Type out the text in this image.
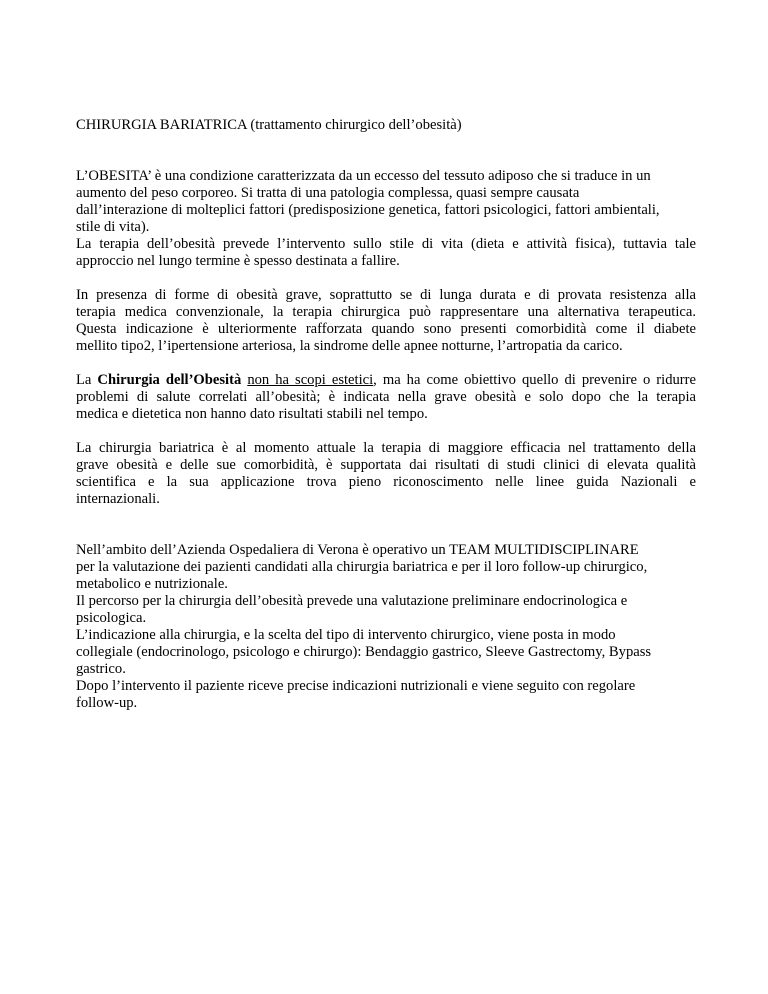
CHIRURGIA BARIATRICA (trattamento chirurgico dell’obesità)
L’OBESITA’ è una condizione caratterizzata da un eccesso del tessuto adiposo che si traduce in un
aumento del peso corporeo. Si tratta di una patologia complessa, quasi sempre causata
dall’interazione di molteplici fattori (predisposizione genetica, fattori psicologici, fattori ambientali,
stile di vita).
La terapia dell’obesità prevede l’intervento sullo stile di vita (dieta e attività fisica), tuttavia tale
approccio nel lungo termine è spesso destinata a fallire.
In presenza di forme di obesità grave, soprattutto se di lunga durata e di provata resistenza alla
terapia medica convenzionale, la terapia chirurgica può rappresentare una alternativa terapeutica.
Questa indicazione è ulteriormente rafforzata quando sono presenti comorbidità come il diabete
mellito tipo2, l’ipertensione arteriosa, la sindrome delle apnee notturne, l’artropatia da carico.
La Chirurgia dell’Obesità non ha scopi estetici, ma ha come obiettivo quello di prevenire o ridurre
problemi di salute correlati all’obesità; è indicata nella grave obesità e solo dopo che la terapia
medica e dietetica non hanno dato risultati stabili nel tempo.
La chirurgia bariatrica è al momento attuale la terapia di maggiore efficacia nel trattamento della
grave obesità e delle sue comorbidità, è supportata dai risultati di studi clinici di elevata qualità
scientifica e la sua applicazione trova pieno riconoscimento nelle linee guida Nazionali e
internazionali.
Nell’ambito dell’Azienda Ospedaliera di Verona è operativo un TEAM MULTIDISCIPLINARE
per la valutazione dei pazienti candidati alla chirurgia bariatrica e per il loro follow-up chirurgico,
metabolico e nutrizionale.
Il percorso per la chirurgia dell’obesità prevede una valutazione preliminare endocrinologica e
psicologica.
L’indicazione alla chirurgia, e la scelta del tipo di intervento chirurgico, viene posta in modo
collegiale (endocrinologo, psicologo e chirurgo): Bendaggio gastrico, Sleeve Gastrectomy, Bypass
gastrico.
Dopo l’intervento il paziente riceve precise indicazioni nutrizionali e viene seguito con regolare
follow-up.
